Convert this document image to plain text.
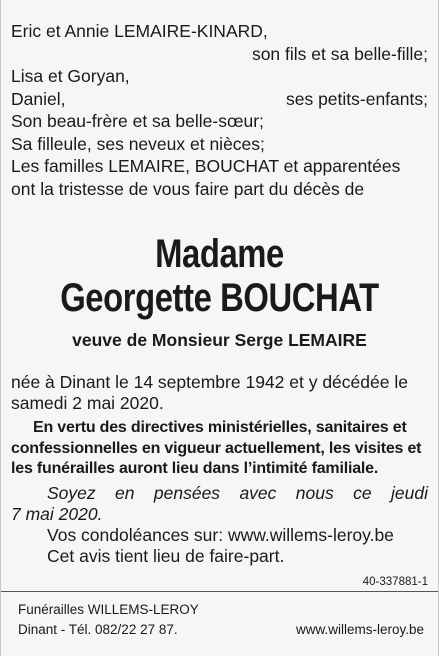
Eric et Annie LEMAIRE-KINARD,
son fils et sa belle-fille;
Lisa et Goryan,
Daniel,	ses petits-enfants;
Son beau-frère et sa belle-sœur;
Sa filleule, ses neveux et nièces;
Les familles LEMAIRE, BOUCHAT et apparentées
ont la tristesse de vous faire part du décès de
Madame
Georgette BOUCHAT
veuve de Monsieur Serge LEMAIRE
née à Dinant le 14 septembre 1942 et y décédée le
samedi 2 mai 2020.
En vertu des directives ministérielles, sanitaires et confessionnelles en vigueur actuellement, les visites et les funérailles auront lieu dans l’intimité familiale.
Soyez en pensées avec nous ce jeudi 7 mai 2020.
Vos condoléances sur: www.willems-leroy.be
Cet avis tient lieu de faire-part.
40-337881-1
Funérailles WILLEMS-LEROY
Dinant - Tél. 082/22 27 87.	www.willems-leroy.be
